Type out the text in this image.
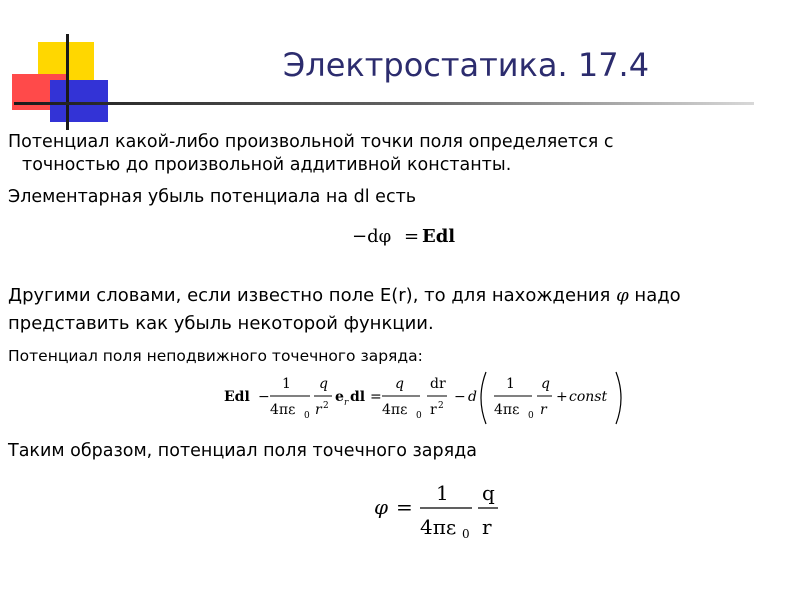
Электростатика. 17.4
Потенциал какой-либо произвольной точки поля определяется с
точностью до произвольной аддитивной константы.
Элементарная убыль потенциала на dl есть
−dφ = Edl
Другими словами, если известно поле E(r), то для нахождения φ надо
представить как убыль некоторой функции.
Потенциал поля неподвижного точечного заряда:
Edl −
1
4πε 0
q
r 2
e r dl =
q
4πε 0
dr
r 2
− d
1
4πε 0
q
r
+ const
Таким образом, потенциал поля точечного заряда
φ =
1
4πε 0
q
r
